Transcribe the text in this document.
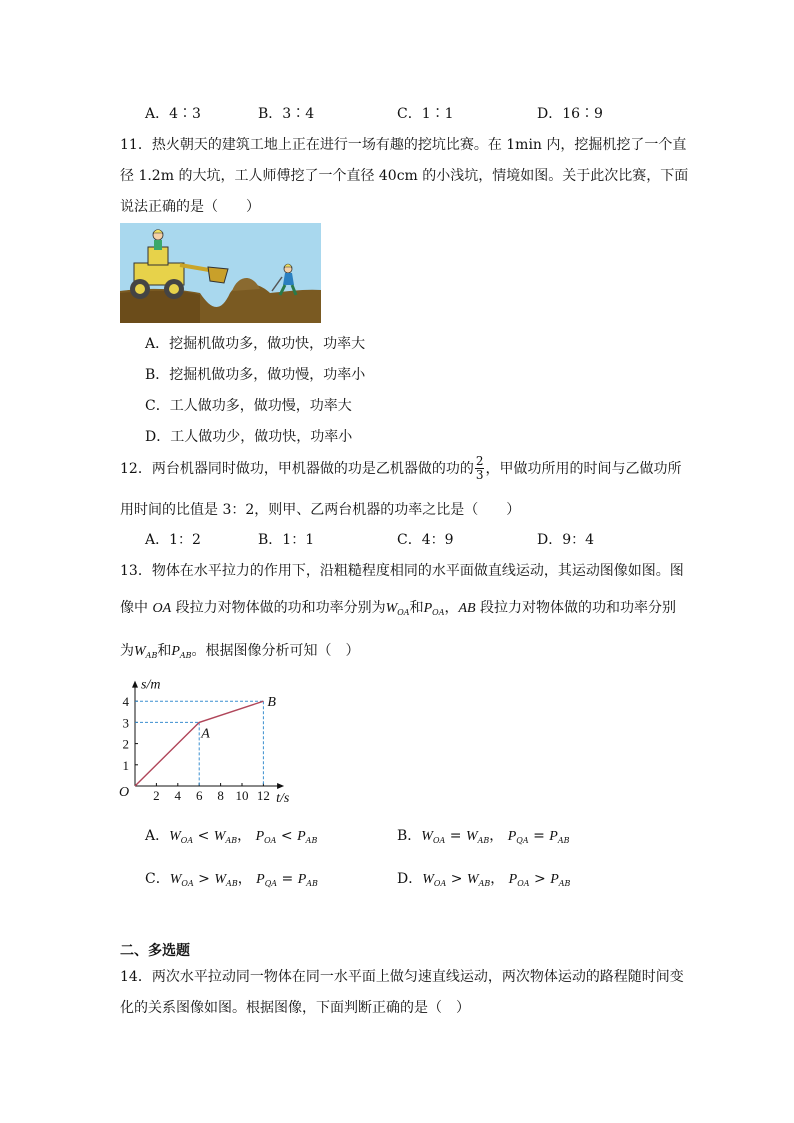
A．4∶3	B．3∶4	C．1∶1	D．16∶9
11．热火朝天的建筑工地上正在进行一场有趣的挖坑比赛。在 1min 内，挖掘机挖了一个直
径 1.2m 的大坑，工人师傅挖了一个直径 40cm 的小浅坑，情境如图。关于此次比赛，下面
说法正确的是（　　）
A．挖掘机做功多，做功快，功率大
B．挖掘机做功多，做功慢，功率小
C．工人做功多，做功慢，功率大
D．工人做功少，做功快，功率小
12．两台机器同时做功，甲机器做的功是乙机器做的功的 $\frac{2}{3}$ ，甲做功所用的时间与乙做功所
用时间的比值是 3：2，则甲、乙两台机器的功率之比是（　　）
A．1：2	B．1：1	C．4：9	D．9：4
13．物体在水平拉力的作用下，沿粗糙程度相同的水平面做直线运动，其运动图像如图。图
像中 OA 段拉力对物体做的功和功率分别为$W_{OA}$和$P_{OA}$，AB 段拉力对物体做的功和功率分别
为$W_{AB}$和$P_{AB}$。根据图像分析可知（　）
2 4 6 8 10 12
1
2
3
4
O
s/m
t/s
A
B
A．$W_{OA} < W_{AB}$， $P_{OA} < P_{AB}$	B．$W_{OA} = W_{AB}$， $P_{QA} = P_{AB}$
C．$W_{OA} > W_{AB}$， $P_{QA} = P_{AB}$	D．$W_{OA} > W_{AB}$， $P_{OA} > P_{AB}$
二、多选题
14．两次水平拉动同一物体在同一水平面上做匀速直线运动，两次物体运动的路程随时间变
化的关系图像如图。根据图像，下面判断正确的是（　）
